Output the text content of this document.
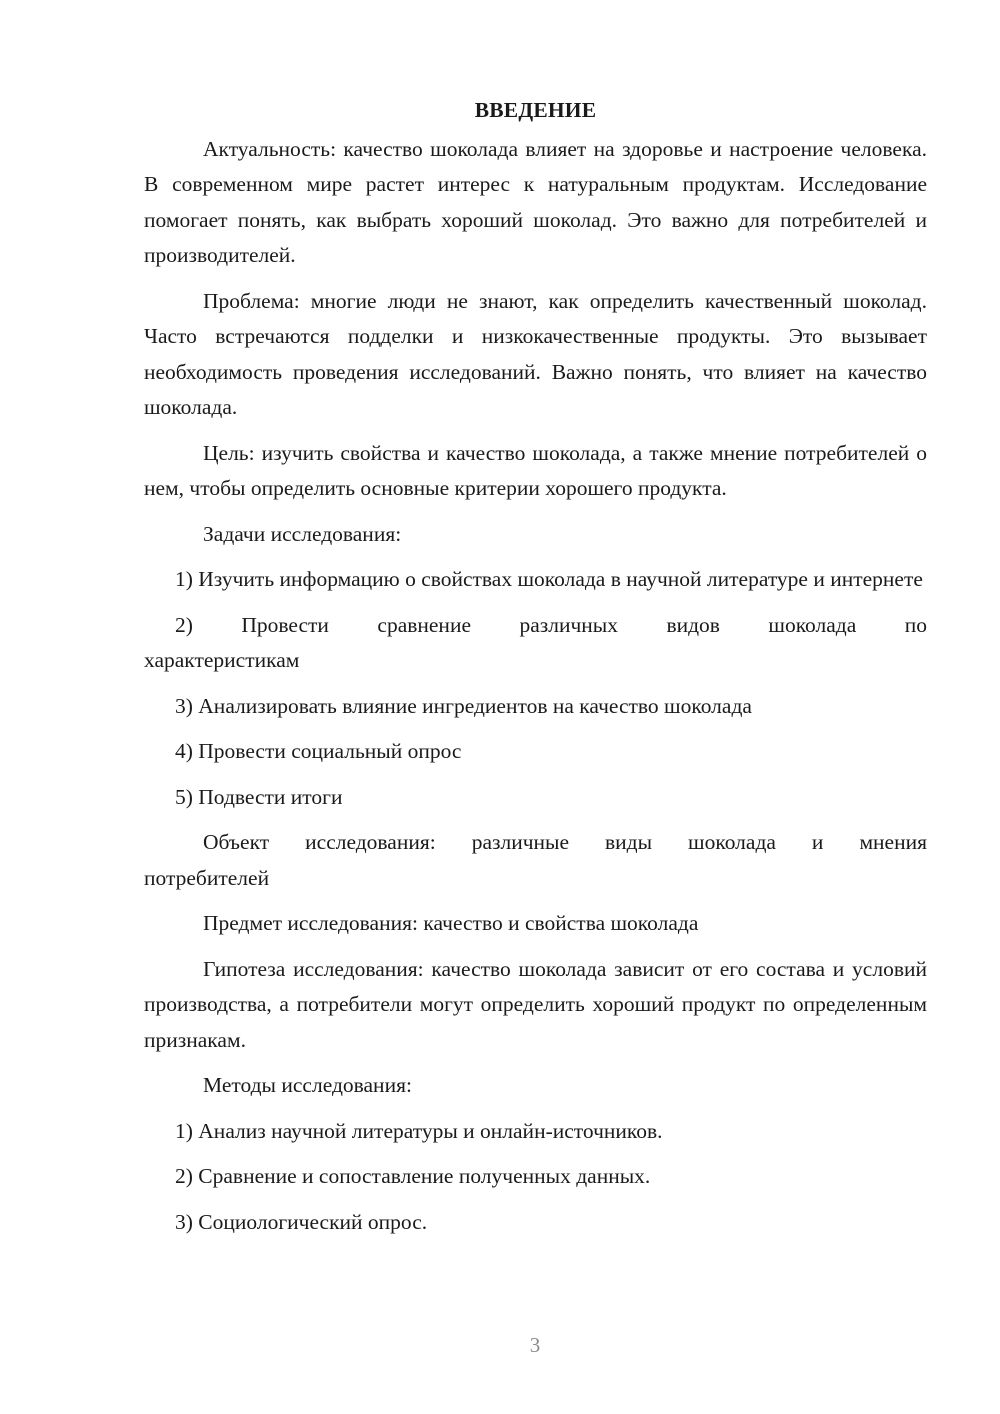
ВВЕДЕНИЕ

Актуальность: качество шоколада влияет на здоровье и настроение человека. В современном мире растет интерес к натуральным продуктам. Исследование помогает понять, как выбрать хороший шоколад. Это важно для потребителей и производителей.

Проблема: многие люди не знают, как определить качественный шоколад. Часто встречаются подделки и низкокачественные продукты. Это вызывает необходимость проведения исследований. Важно понять, что влияет на качество шоколада.

Цель: изучить свойства и качество шоколада, а также мнение потребителей о нем, чтобы определить основные критерии хорошего продукта.

Задачи исследования:

1) Изучить информацию о свойствах шоколада в научной литературе и интернете

2) Провести сравнение различных видов шоколада по
характеристикам

3) Анализировать влияние ингредиентов на качество шоколада

4) Провести социальный опрос

5) Подвести итоги

Объект исследования: различные виды шоколада и мнения
потребителей

Предмет исследования: качество и свойства шоколада

Гипотеза исследования: качество шоколада зависит от его состава и условий производства, а потребители могут определить хороший продукт по определенным признакам.

Методы исследования:

1) Анализ научной литературы и онлайн-источников.

2) Сравнение и сопоставление полученных данных.

3) Социологический опрос.

3
